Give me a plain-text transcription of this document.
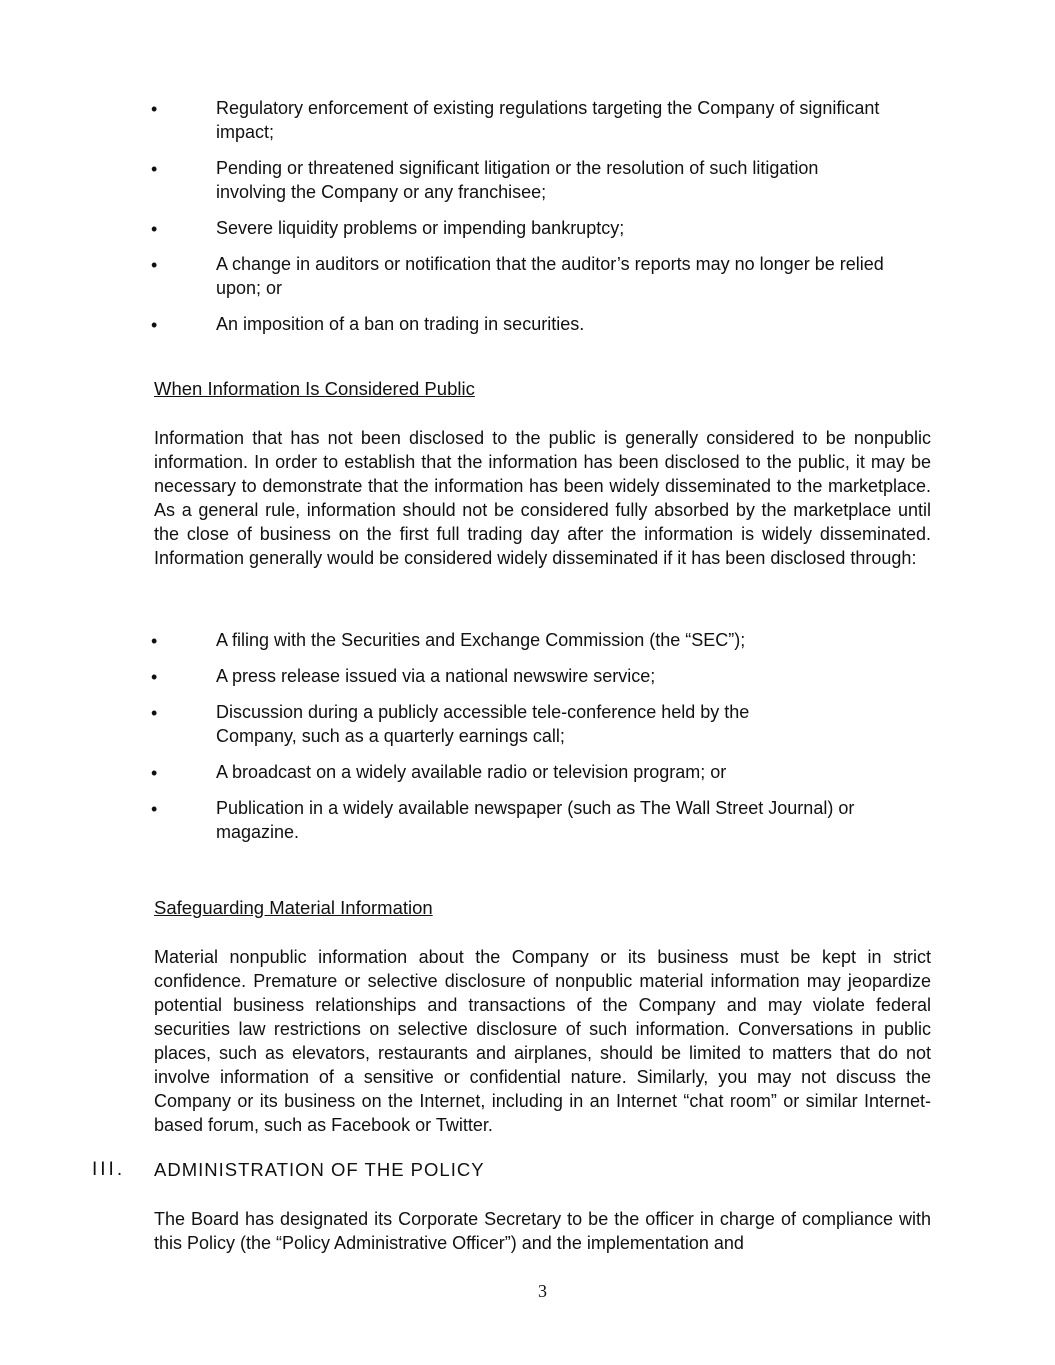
•	Regulatory enforcement of existing regulations targeting the Company of significant impact;
•	Pending or threatened significant litigation or the resolution of such litigation involving the Company or any franchisee;
•	Severe liquidity problems or impending bankruptcy;
•	A change in auditors or notification that the auditor’s reports may no longer be relied upon; or
•	An imposition of a ban on trading in securities.
When Information Is Considered Public

Information that has not been disclosed to the public is generally considered to be nonpublic information. In order to establish that the information has been disclosed to the public, it may be necessary to demonstrate that the information has been widely disseminated to the marketplace. As a general rule, information should not be considered fully absorbed by the marketplace until the close of business on the first full trading day after the information is widely disseminated. Information generally would be considered widely disseminated if it has been disclosed through:

•	A filing with the Securities and Exchange Commission (the “SEC”);
•	A press release issued via a national newswire service;
•	Discussion during a publicly accessible tele-conference held by the Company, such as a quarterly earnings call;
•	A broadcast on a widely available radio or television program; or
•	Publication in a widely available newspaper (such as The Wall Street Journal) or magazine.
Safeguarding Material Information

Material nonpublic information about the Company or its business must be kept in strict confidence. Premature or selective disclosure of nonpublic material information may jeopardize potential business relationships and transactions of the Company and may violate federal securities law restrictions on selective disclosure of such information. Conversations in public places, such as elevators, restaurants and airplanes, should be limited to matters that do not involve information of a sensitive or confidential nature. Similarly, you may not discuss the Company or its business on the Internet, including in an Internet “chat room” or similar Internet-based forum, such as Facebook or Twitter.

III. ADMINISTRATION OF THE POLICY

The Board has designated its Corporate Secretary to be the officer in charge of compliance with this Policy (the “Policy Administrative Officer”) and the implementation and

3
